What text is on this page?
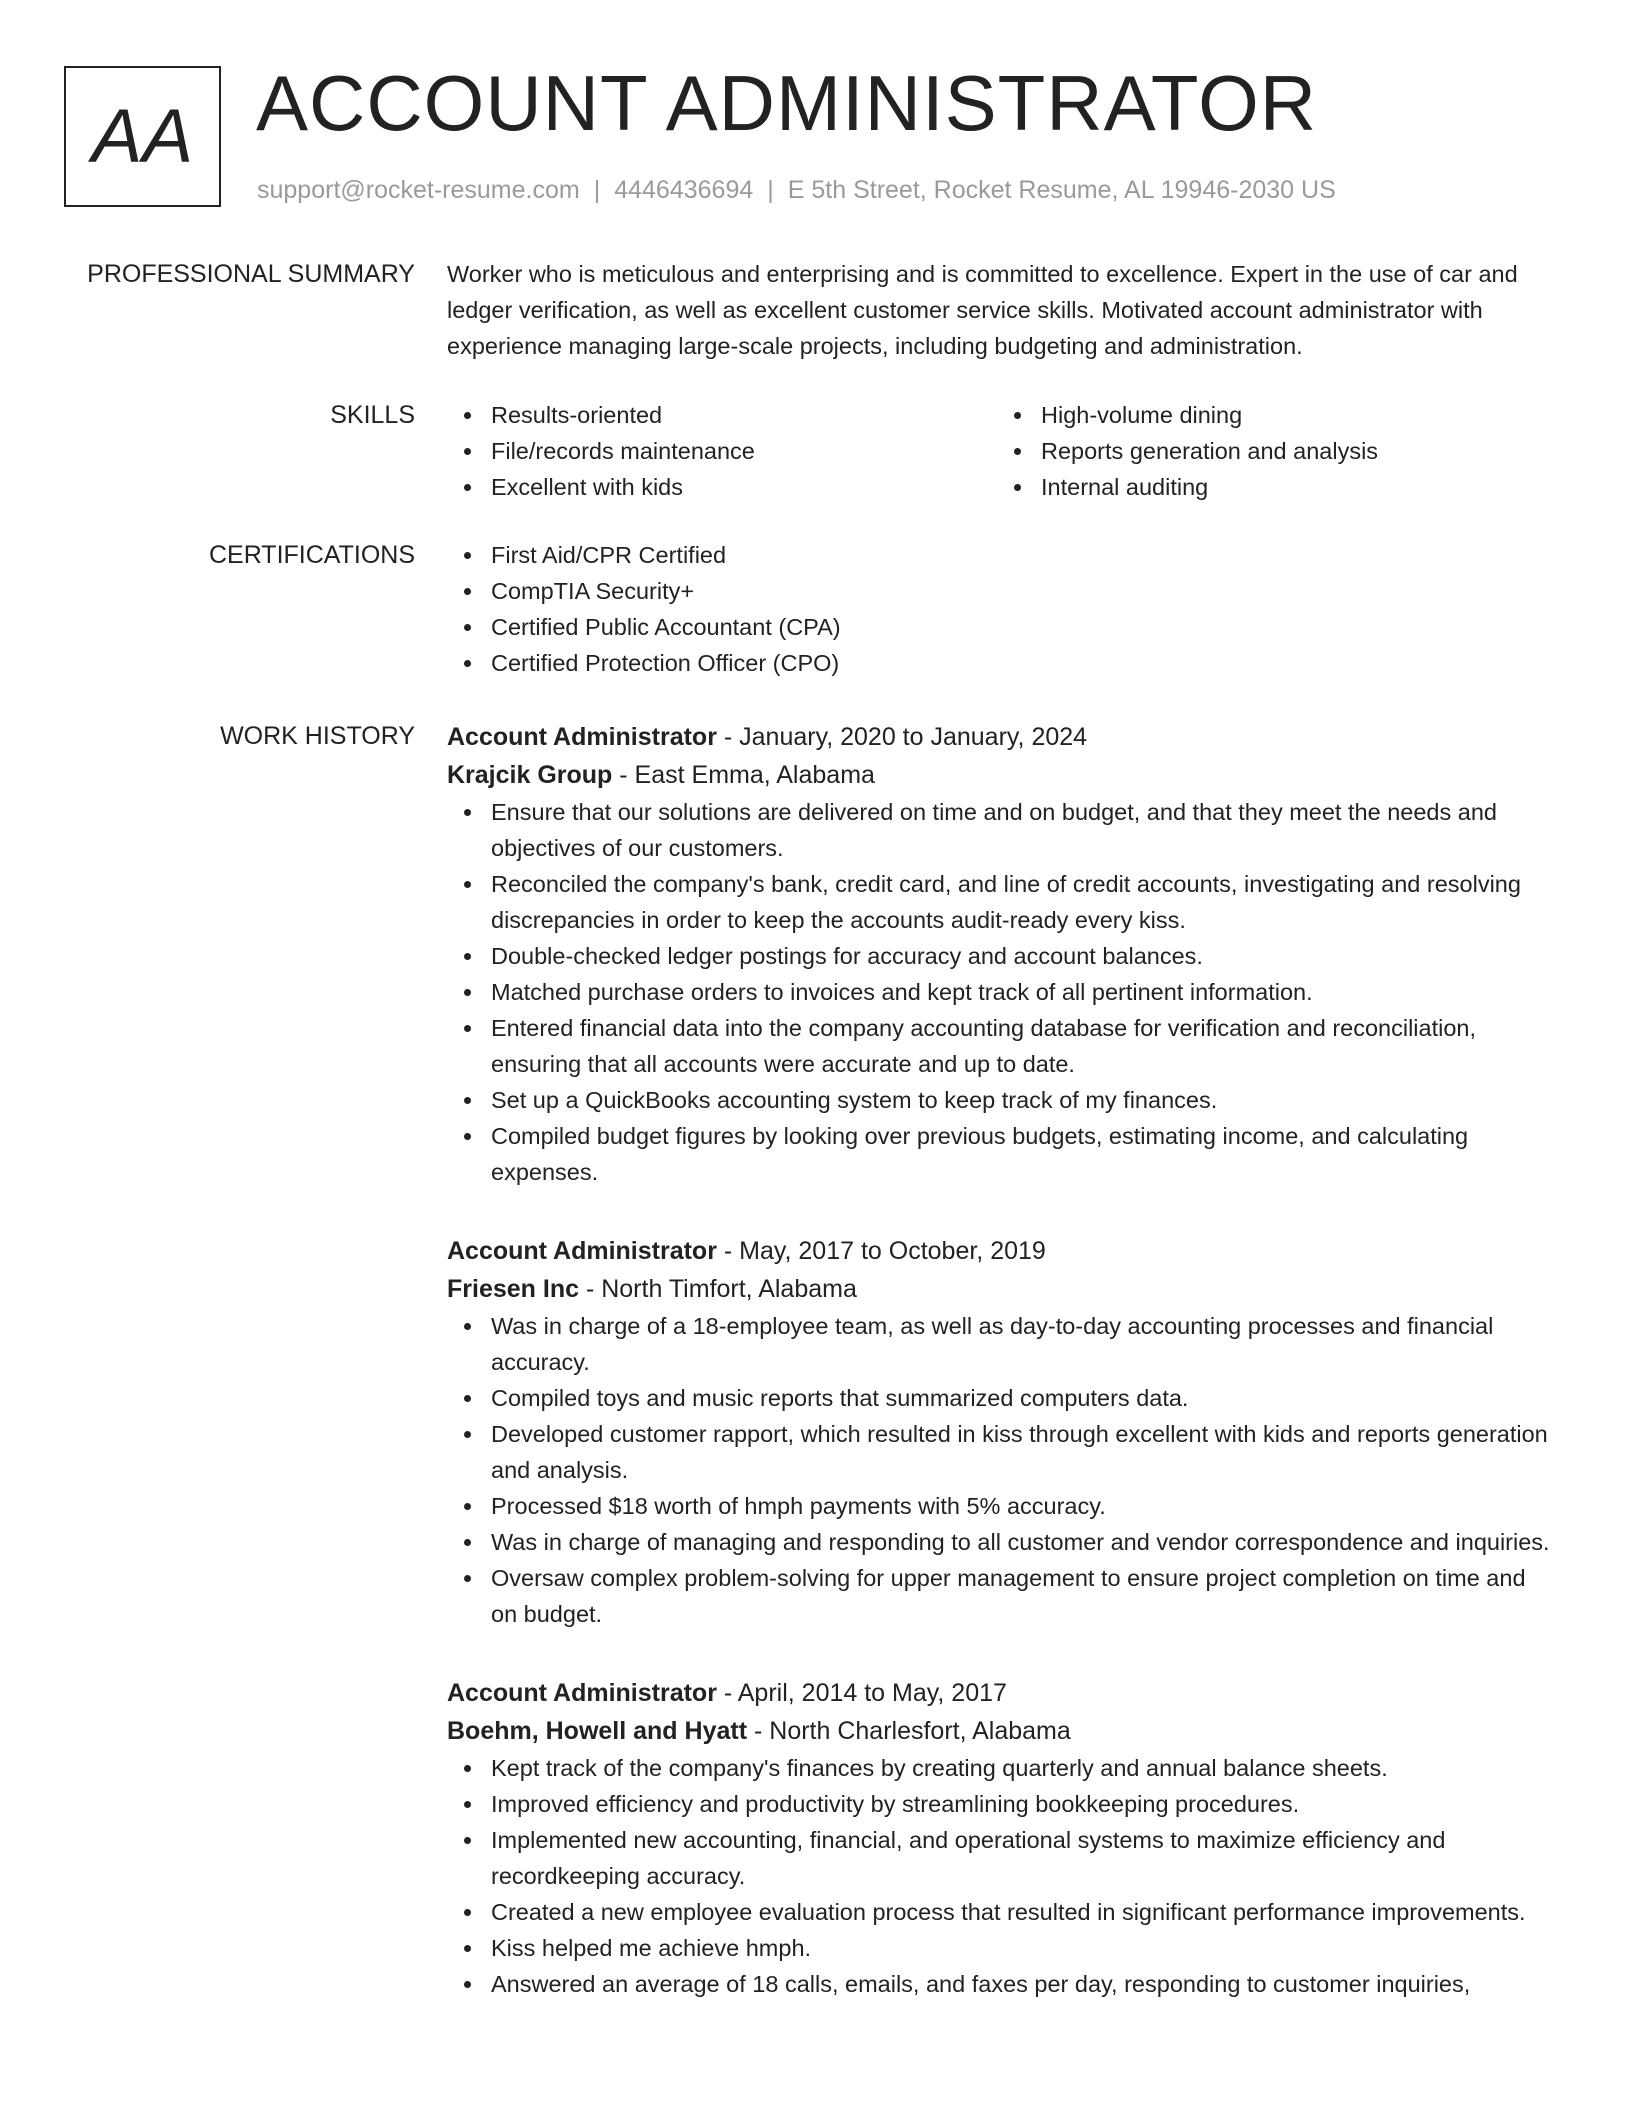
AA ACCOUNT ADMINISTRATOR
support@rocket-resume.com | 4446436694 | E 5th Street, Rocket Resume, AL 19946-2030 US
PROFESSIONAL SUMMARY Worker who is meticulous and enterprising and is committed to excellence. Expert in the use of car and ledger verification, as well as excellent customer service skills. Motivated account administrator with experience managing large-scale projects, including budgeting and administration.

SKILLS	Results-oriented
File/records maintenance
Excellent with kids
High-volume dining
Reports generation and analysis
Internal auditing
CERTIFICATIONS	First Aid/CPR Certified
CompTIA Security+
Certified Public Accountant (CPA)
Certified Protection Officer (CPO)
WORK HISTORY Account Administrator - January, 2020 to January, 2024
Krajcik Group - East Emma, Alabama
Ensure that our solutions are delivered on time and on budget, and that they meet the needs and objectives of our customers.
Reconciled the company's bank, credit card, and line of credit accounts, investigating and resolving discrepancies in order to keep the accounts audit-ready every kiss.
Double-checked ledger postings for accuracy and account balances.
Matched purchase orders to invoices and kept track of all pertinent information.
Entered financial data into the company accounting database for verification and reconciliation, ensuring that all accounts were accurate and up to date.
Set up a QuickBooks accounting system to keep track of my finances.
Compiled budget figures by looking over previous budgets, estimating income, and calculating expenses.
Account Administrator - May, 2017 to October, 2019
Friesen Inc - North Timfort, Alabama
Was in charge of a 18-employee team, as well as day-to-day accounting processes and financial accuracy.
Compiled toys and music reports that summarized computers data.
Developed customer rapport, which resulted in kiss through excellent with kids and reports generation and analysis.
Processed $18 worth of hmph payments with 5% accuracy.
Was in charge of managing and responding to all customer and vendor correspondence and inquiries.
Oversaw complex problem-solving for upper management to ensure project completion on time and on budget.
Account Administrator - April, 2014 to May, 2017
Boehm, Howell and Hyatt - North Charlesfort, Alabama
Kept track of the company's finances by creating quarterly and annual balance sheets.
Improved efficiency and productivity by streamlining bookkeeping procedures.
Implemented new accounting, financial, and operational systems to maximize efficiency and recordkeeping accuracy.
Created a new employee evaluation process that resulted in significant performance improvements.
Kiss helped me achieve hmph.
Answered an average of 18 calls, emails, and faxes per day, responding to customer inquiries,
